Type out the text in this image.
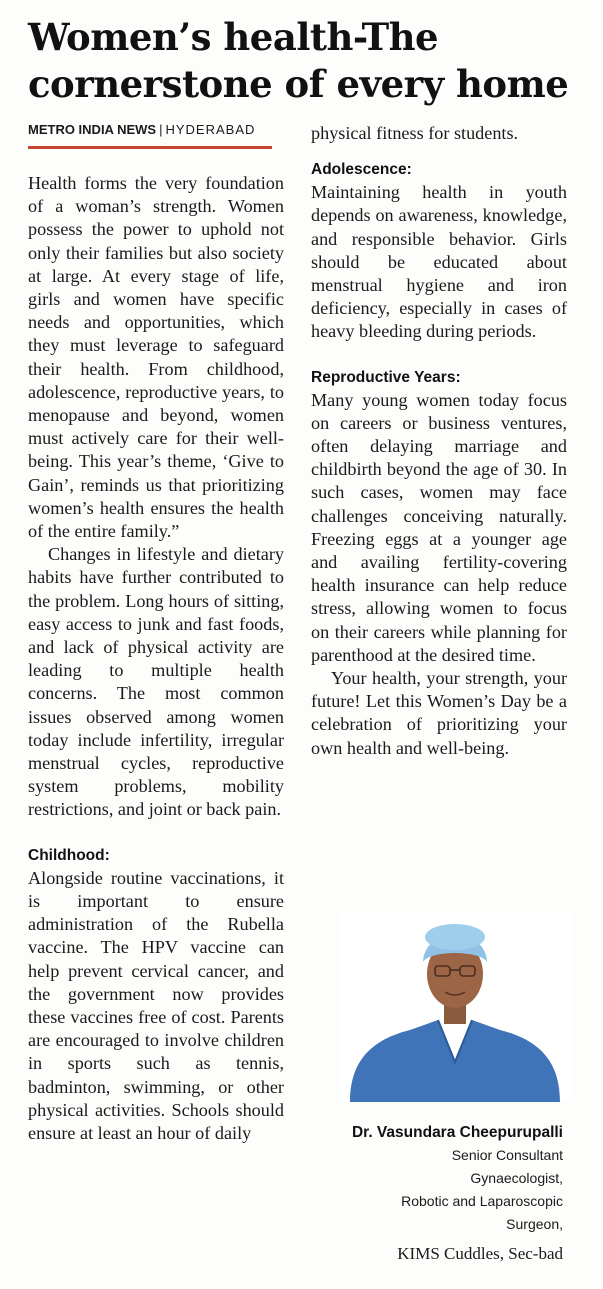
Women’s health-The
cornerstone of every home
METRO INDIA NEWS | HYDERABAD

Health forms the very foundation of a woman’s strength. Women possess the power to uphold not only their families but also society at large. At every stage of life, girls and women have specific needs and opportunities, which they must leverage to safeguard their health. From childhood, adolescence, reproductive years, to menopause and beyond, women must actively care for their well-being. This year’s theme, ‘Give to Gain’, reminds us that prioritizing women’s health ensures the health of the entire family.”

Changes in lifestyle and dietary habits have further contributed to the problem. Long hours of sitting, easy access to junk and fast foods, and lack of physical activity are leading to multiple health concerns. The most common issues observed among women today include infertility, irregular menstrual cycles, reproductive system problems, mobility restrictions, and joint or back pain.

Childhood:

Alongside routine vaccinations, it is important to ensure administration of the Rubella vaccine. The HPV vaccine can help prevent cervical cancer, and the government now provides these vaccines free of cost. Parents are encouraged to involve children in sports such as tennis, badminton, swimming, or other physical activities. Schools should ensure at least an hour of daily

physical fitness for students.

Adolescence:

Maintaining health in youth depends on awareness, knowledge, and responsible behavior. Girls should be educated about menstrual hygiene and iron deficiency, especially in cases of heavy bleeding during periods.

Reproductive Years:

Many young women today focus on careers or business ventures, often delaying marriage and childbirth beyond the age of 30. In such cases, women may face challenges conceiving naturally. Freezing eggs at a younger age and availing fertility-covering health insurance can help reduce stress, allowing women to focus on their careers while planning for parenthood at the desired time.

Your health, your strength, your future! Let this Women’s Day be a celebration of prioritizing your own health and well-being.

Dr. Vasundara Cheepurupalli
Senior Consultant
Gynaecologist,
Robotic and Laparoscopic
Surgeon,
KIMS Cuddles, Sec-bad
